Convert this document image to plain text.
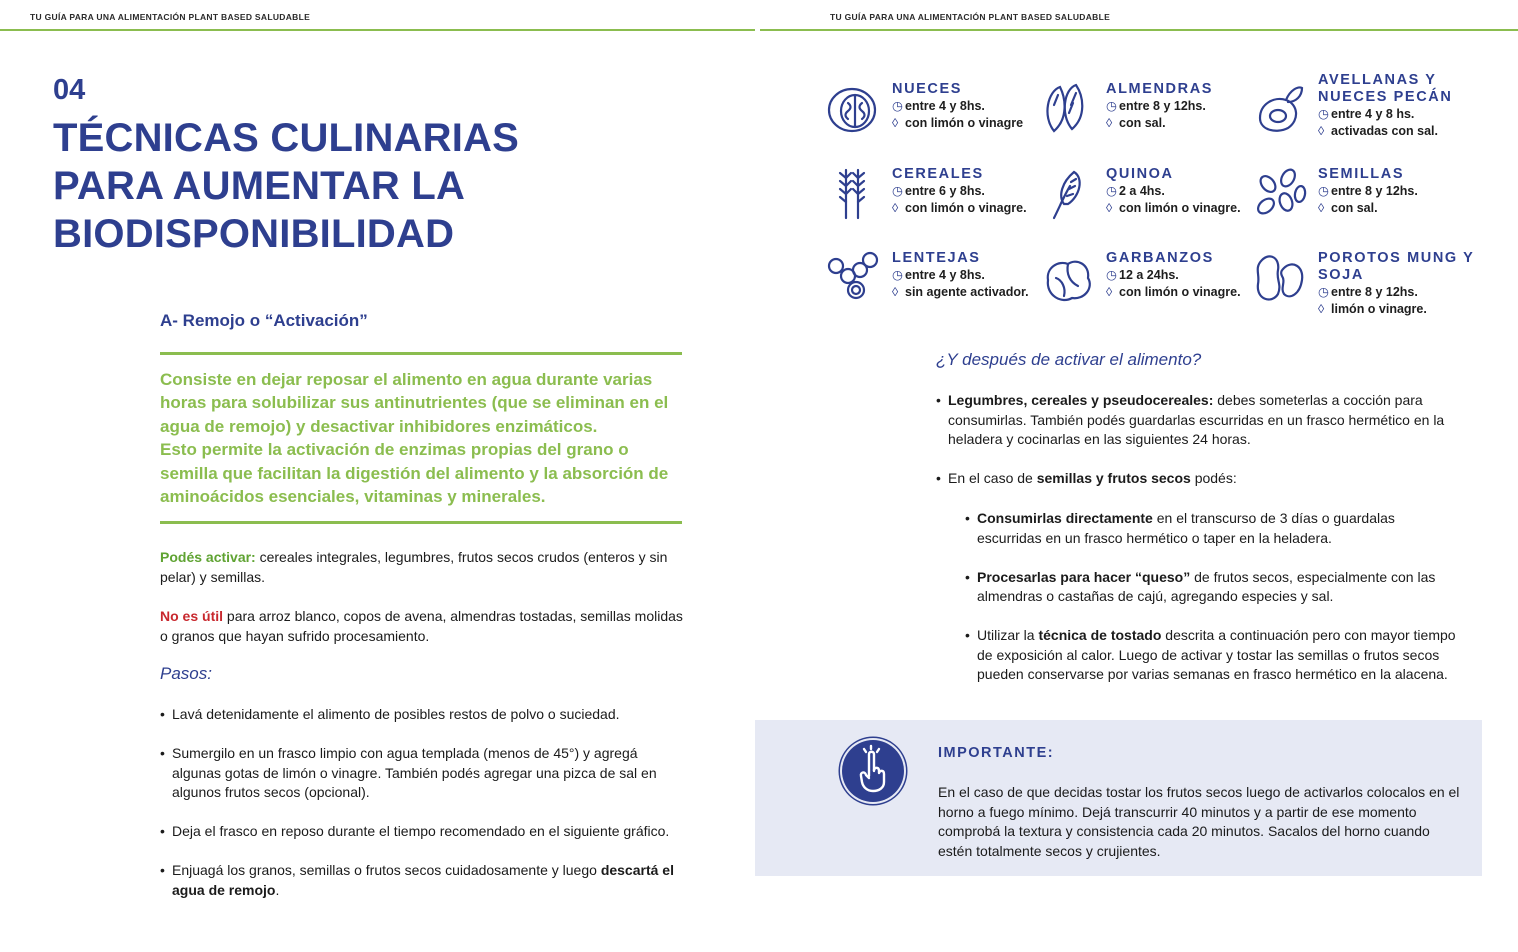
TU GUÍA PARA UNA ALIMENTACIÓN PLANT BASED SALUDABLE
04
TÉCNICAS CULINARIAS
PARA AUMENTAR LA
BIODISPONIBILIDAD
A- Remojo o “Activación”
Consiste en dejar reposar el alimento en agua durante varias horas para solubilizar sus antinutrientes (que se eliminan en el agua de remojo) y desactivar inhibidores enzimáticos.
Esto permite la activación de enzimas propias del grano o semilla que facilitan la digestión del alimento y la absorción de aminoácidos esenciales, vitaminas y minerales.
Podés activar: cereales integrales, legumbres, frutos secos crudos (enteros y sin pelar) y semillas.
No es útil para arroz blanco, copos de avena, almendras tostadas, semillas molidas o granos que hayan sufrido procesamiento.
Pasos:
• Lavá detenidamente el alimento de posibles restos de polvo o suciedad.
• Sumergilo en un frasco limpio con agua templada (menos de 45°) y agregá algunas gotas de limón o vinagre. También podés agregar una pizca de sal en algunos frutos secos (opcional).
• Deja el frasco en reposo durante el tiempo recomendado en el siguiente gráfico.
• Enjuagá los granos, semillas o frutos secos cuidadosamente y luego descartá el agua de remojo.
TU GUÍA PARA UNA ALIMENTACIÓN PLANT BASED SALUDABLE
NUECES
◷ entre 4 y 8hs.
◊ con limón o vinagre
ALMENDRAS
◷ entre 8 y 12hs.
◊ con sal.
AVELLANAS Y NUECES PECÁN
◷ entre 4 y 8 hs.
◊ activadas con sal.
CEREALES
◷ entre 6 y 8hs.
◊ con limón o vinagre.
QUINOA
◷ 2 a 4hs.
◊ con limón o vinagre.
SEMILLAS
◷ entre 8 y 12hs.
◊ con sal.
LENTEJAS
◷ entre 4 y 8hs.
◊ sin agente activador.
GARBANZOS
◷ 12 a 24hs.
◊ con limón o vinagre.
POROTOS MUNG Y SOJA
◷ entre 8 y 12hs.
◊ limón o vinagre.
¿Y después de activar el alimento?
• Legumbres, cereales y pseudocereales: debes someterlas a cocción para consumirlas. También podés guardarlas escurridas en un frasco hermético en la heladera y cocinarlas en las siguientes 24 horas.
• En el caso de semillas y frutos secos podés:
• Consumirlas directamente en el transcurso de 3 días o guardalas escurridas en un frasco hermético o taper en la heladera.
• Procesarlas para hacer “queso” de frutos secos, especialmente con las almendras o castañas de cajú, agregando especies y sal.
• Utilizar la técnica de tostado descrita a continuación pero con mayor tiempo de exposición al calor. Luego de activar y tostar las semillas o frutos secos pueden conservarse por varias semanas en frasco hermético en la alacena.
IMPORTANTE:
En el caso de que decidas tostar los frutos secos luego de activarlos colocalos en el horno a fuego mínimo. Dejá transcurrir 40 minutos y a partir de ese momento comprobá la textura y consistencia cada 20 minutos. Sacalos del horno cuando estén totalmente secos y crujientes.
